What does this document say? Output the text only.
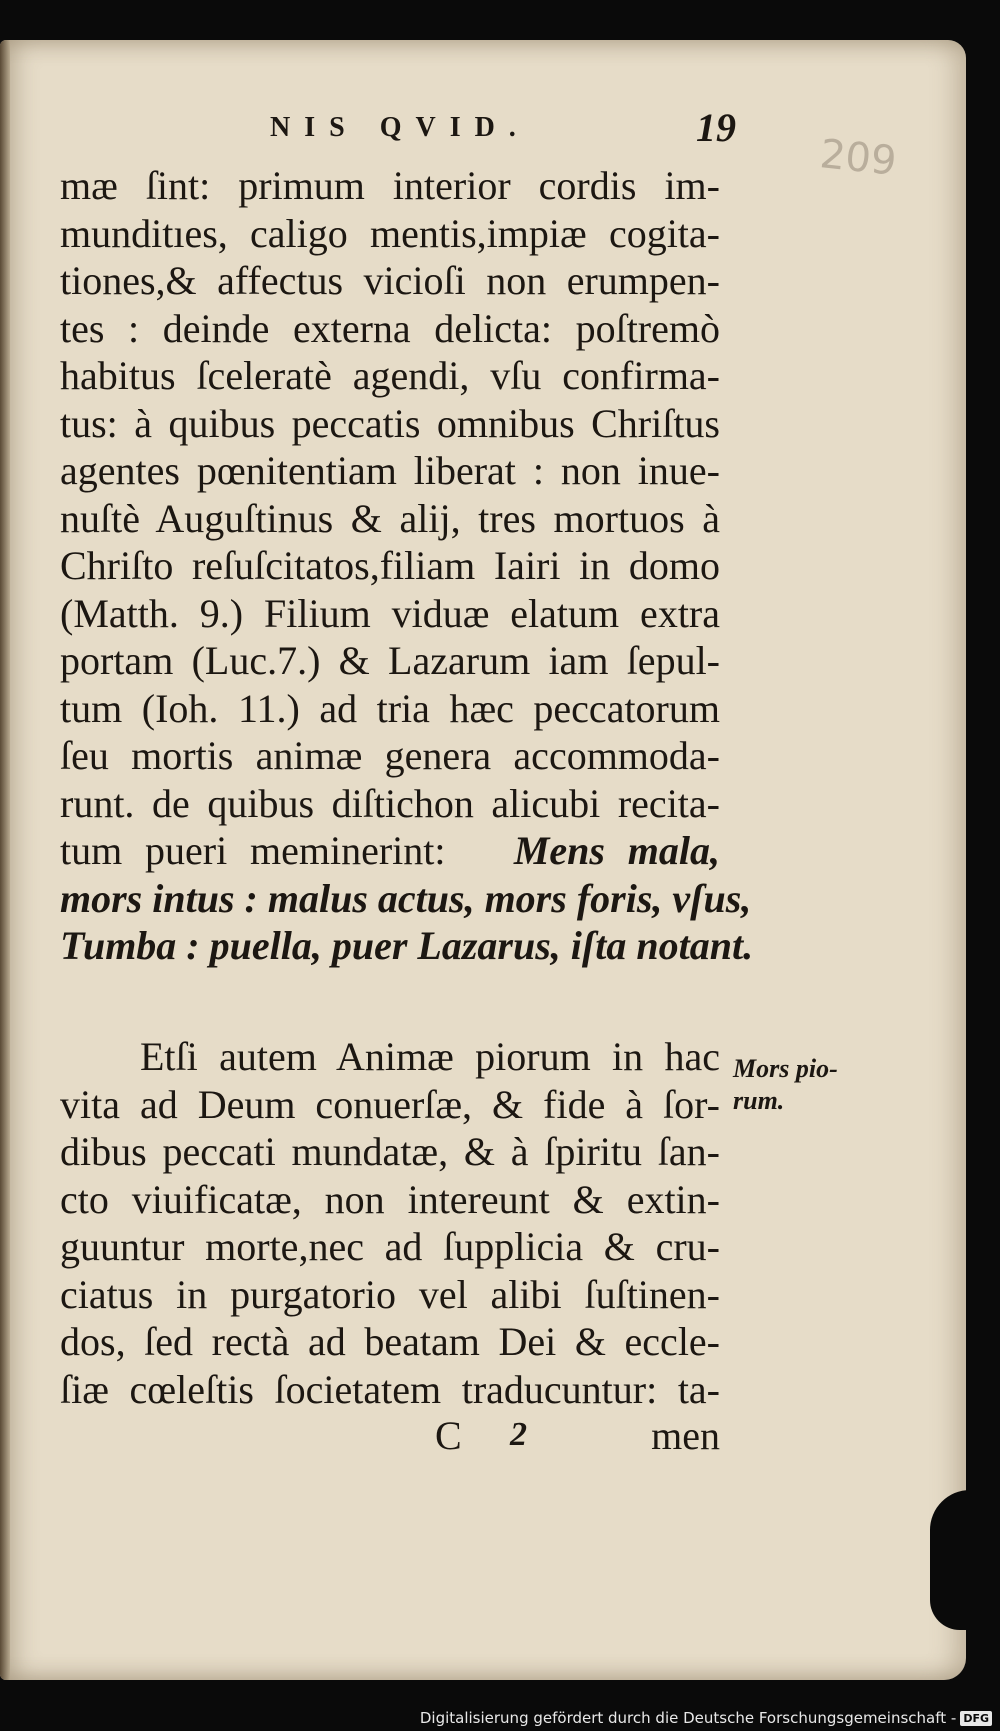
209
NIS QVID.	19
mæ ſint: primum interior cordis im-
munditıes, caligo mentis,impiæ cogita-
tiones,& affectus vicioſi non erumpen-
tes : deinde externa delicta: poſtremò
habitus ſceleratè agendi, vſu confirma-
tus: à quibus peccatis omnibus Chriſtus
agentes pœnitentiam liberat : non inue-
nuſtè Auguſtinus & alij, tres mortuos à
Chriſto reſuſcitatos,filiam Iairi in domo
(Matth. 9.) Filium viduæ elatum extra
portam (Luc.7.) & Lazarum iam ſepul-
tum (Ioh. 11.) ad tria hæc peccatorum
ſeu mortis animæ genera accommoda-
runt. de quibus diſtichon alicubi recita-
tum pueri meminerint: Mens mala,
mors intus : malus actus, mors foris, vſus,
Tumba : puella, puer Lazarus, iſta notant.
Etſi autem Animæ piorum in hac
vita ad Deum conuerſæ, & fide à ſor-
dibus peccati mundatæ, & à ſpiritu ſan-
cto viuificatæ, non intereunt & extin-
guuntur morte,nec ad ſupplicia & cru-
ciatus in purgatorio vel alibi ſuſtinen-
dos, ſed rectà ad beatam Dei & eccle-
ſiæ cœleſtis ſocietatem traducuntur: ta-
Mors pio-
rum.
C 2	men
Digitalisierung gefördert durch die Deutsche Forschungsgemeinschaft - DFG
